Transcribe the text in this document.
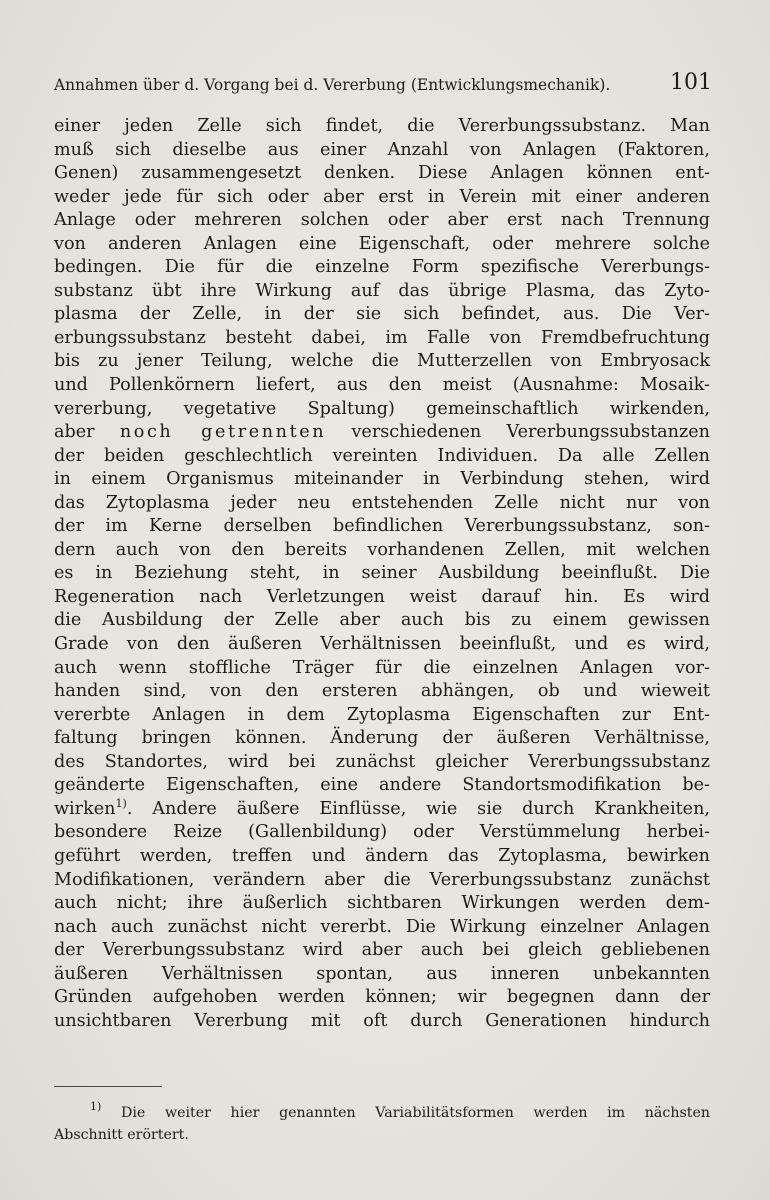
Annahmen über d. Vorgang bei d. Vererbung (Entwicklungsmechanik).	101
einer jeden Zelle sich findet, die Vererbungssubstanz. Man
muß sich dieselbe aus einer Anzahl von Anlagen (Faktoren,
Genen) zusammengesetzt denken. Diese Anlagen können ent-
weder jede für sich oder aber erst in Verein mit einer anderen
Anlage oder mehreren solchen oder aber erst nach Trennung
von anderen Anlagen eine Eigenschaft, oder mehrere solche
bedingen. Die für die einzelne Form spezifische Vererbungs-
substanz übt ihre Wirkung auf das übrige Plasma, das Zyto-
plasma der Zelle, in der sie sich befindet, aus. Die Ver-
erbungssubstanz besteht dabei, im Falle von Fremdbefruchtung
bis zu jener Teilung, welche die Mutterzellen von Embryosack
und Pollenkörnern liefert, aus den meist (Ausnahme: Mosaik-
vererbung, vegetative Spaltung) gemeinschaftlich wirkenden,
aber noch getrennten verschiedenen Vererbungssubstanzen
der beiden geschlechtlich vereinten Individuen. Da alle Zellen
in einem Organismus miteinander in Verbindung stehen, wird
das Zytoplasma jeder neu entstehenden Zelle nicht nur von
der im Kerne derselben befindlichen Vererbungssubstanz, son-
dern auch von den bereits vorhandenen Zellen, mit welchen
es in Beziehung steht, in seiner Ausbildung beeinflußt. Die
Regeneration nach Verletzungen weist darauf hin. Es wird
die Ausbildung der Zelle aber auch bis zu einem gewissen
Grade von den äußeren Verhältnissen beeinflußt, und es wird,
auch wenn stoffliche Träger für die einzelnen Anlagen vor-
handen sind, von den ersteren abhängen, ob und wieweit
vererbte Anlagen in dem Zytoplasma Eigenschaften zur Ent-
faltung bringen können. Änderung der äußeren Verhältnisse,
des Standortes, wird bei zunächst gleicher Vererbungssubstanz
geänderte Eigenschaften, eine andere Standortsmodifikation be-
wirken$^{1)}$. Andere äußere Einflüsse, wie sie durch Krankheiten,
besondere Reize (Gallenbildung) oder Verstümmelung herbei-
geführt werden, treffen und ändern das Zytoplasma, bewirken
Modifikationen, verändern aber die Vererbungssubstanz zunächst
auch nicht; ihre äußerlich sichtbaren Wirkungen werden dem-
nach auch zunächst nicht vererbt. Die Wirkung einzelner Anlagen
der Vererbungssubstanz wird aber auch bei gleich gebliebenen
äußeren Verhältnissen spontan, aus inneren unbekannten
Gründen aufgehoben werden können; wir begegnen dann der
unsichtbaren Vererbung mit oft durch Generationen hindurch
$^{1)}$ Die weiter hier genannten Variabilitätsformen werden im nächsten
Abschnitt erörtert.
